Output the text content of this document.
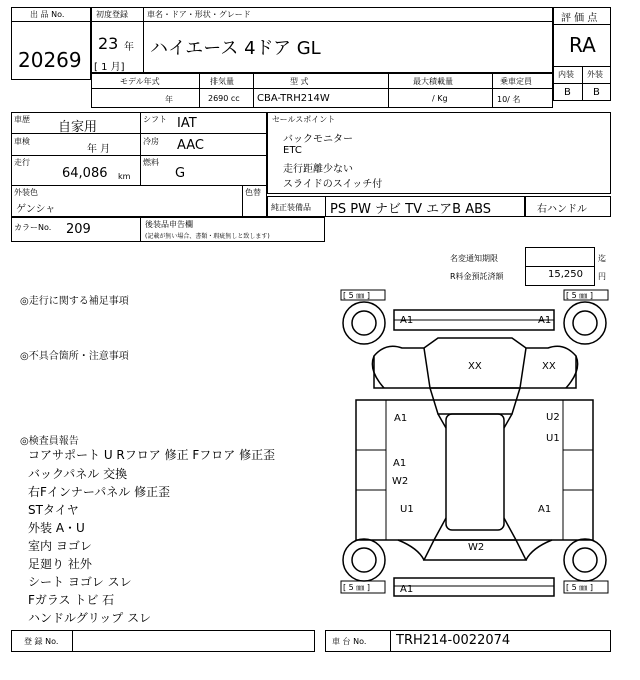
出 品 No.
20269
初度登録 車名・ドア・形状・グレード
23 年
[ 1 月]
ハイエース 4ドア GL
評 価 点
RA
内装 外装
B B
モデル年式	排気量	型 式	最大積載量	乗車定員
年	2690 cc CBA-TRH214W	/ Kg	10/ 名
車歴
自家用
シフト IAT
車検
年 月
冷房 AAC
走行
64,086 km
燃料
G
外装色
ゲンシャ
色替
カラーNo. 209	後装品申告欄
(記載が無い場合、書類・瑕疵無しと致します)
セールスポイント
バックモニター
ETC
走行距離少ない
スライドのスイッチ付
純正装備品 PS PW ナビ TV エアB ABS	右ハンドル
名変通知期限	迄
R料金預託済額	15,250 円
◎走行に関する補足事項
◎不具合箇所・注意事項
◎検査員報告
コアサポート U Rフロア 修正 Fフロア 修正歪
バックパネル 交換
右Fインナーパネル 修正歪
STタイヤ
外装 A・U
室内 ヨゴレ
足廻り 社外
シート ヨゴレ スレ
Fガラス トビ 石
ハンドルグリップ スレ
[ 5 ㎜ ]	[ 5 ㎜ ]
[ 5 ㎜ ]	[ 5 ㎜ ]
A1	A1
XX	XX
A1	U2
U1
A1
W2
U1	A1
W2
A1
登 録 No.	車 台 No. TRH214-0022074
